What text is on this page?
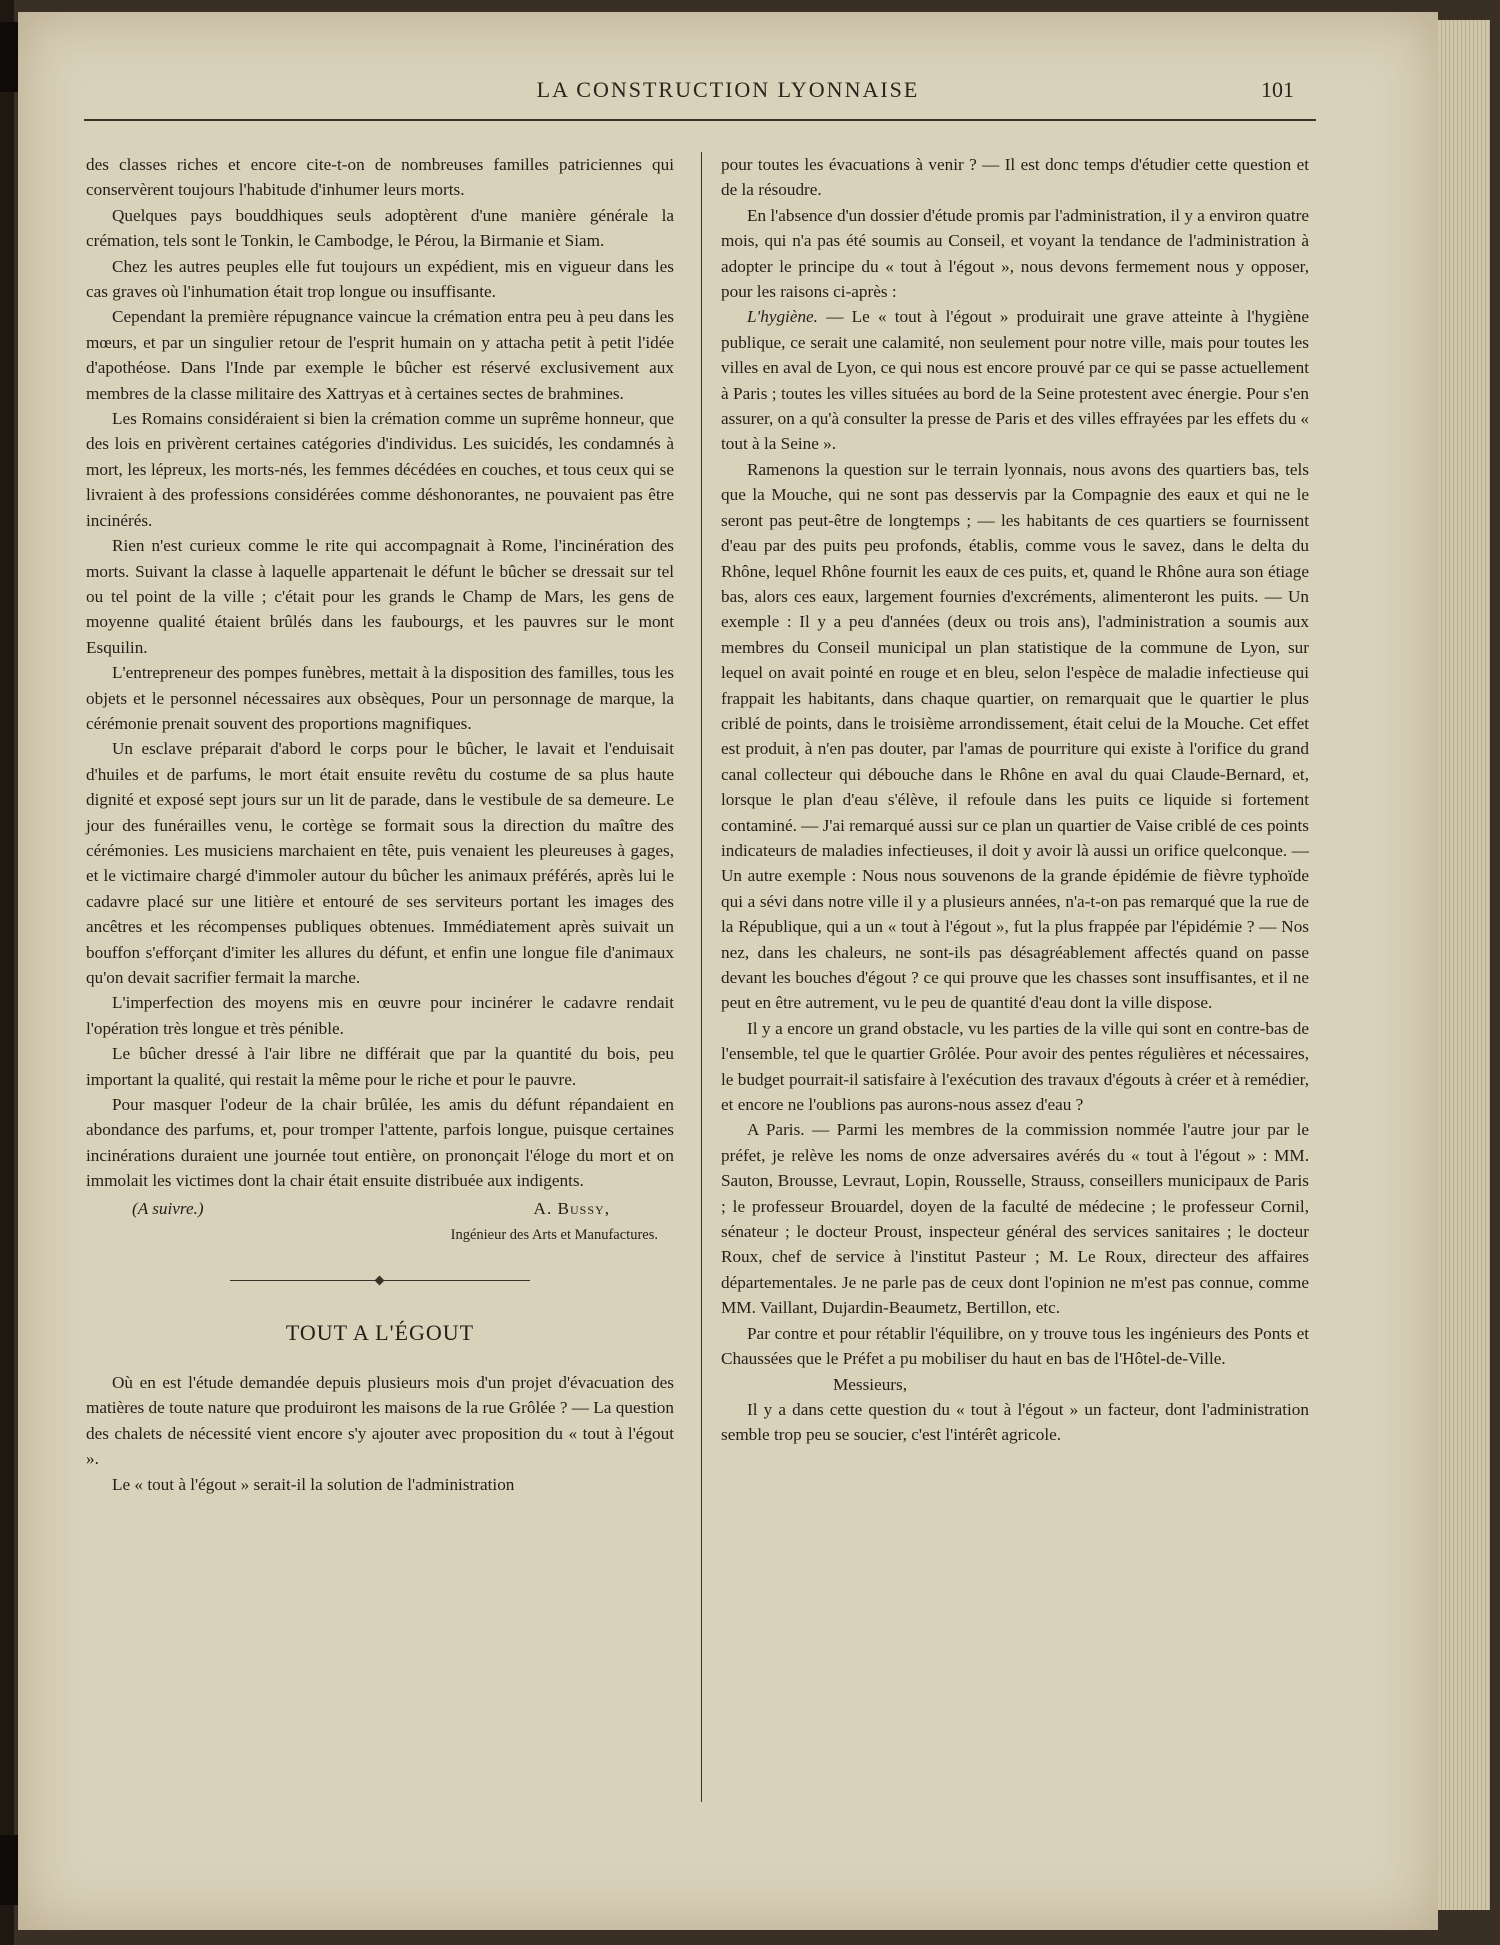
LA CONSTRUCTION LYONNAISE	101

des classes riches et encore cite-t-on de nombreuses familles patriciennes qui conservèrent toujours l'habitude d'inhumer leurs morts.

Quelques pays bouddhiques seuls adoptèrent d'une manière générale la crémation, tels sont le Tonkin, le Cambodge, le Pérou, la Birmanie et Siam.

Chez les autres peuples elle fut toujours un expédient, mis en vigueur dans les cas graves où l'inhumation était trop longue ou insuffisante.

Cependant la première répugnance vaincue la crémation entra peu à peu dans les mœurs, et par un singulier retour de l'esprit humain on y attacha petit à petit l'idée d'apothéose. Dans l'Inde par exemple le bûcher est réservé exclusivement aux membres de la classe militaire des Xattryas et à certaines sectes de brahmines.

Les Romains considéraient si bien la crémation comme un suprême honneur, que des lois en privèrent certaines catégories d'individus. Les suicidés, les condamnés à mort, les lépreux, les morts-nés, les femmes décédées en couches, et tous ceux qui se livraient à des professions considérées comme déshonorantes, ne pouvaient pas être incinérés.

Rien n'est curieux comme le rite qui accompagnait à Rome, l'incinération des morts. Suivant la classe à laquelle appartenait le défunt le bûcher se dressait sur tel ou tel point de la ville ; c'était pour les grands le Champ de Mars, les gens de moyenne qualité étaient brûlés dans les faubourgs, et les pauvres sur le mont Esquilin.

L'entrepreneur des pompes funèbres, mettait à la disposition des familles, tous les objets et le personnel nécessaires aux obsèques, Pour un personnage de marque, la cérémonie prenait souvent des proportions magnifiques.

Un esclave préparait d'abord le corps pour le bûcher, le lavait et l'enduisait d'huiles et de parfums, le mort était ensuite revêtu du costume de sa plus haute dignité et exposé sept jours sur un lit de parade, dans le vestibule de sa demeure. Le jour des funérailles venu, le cortège se formait sous la direction du maître des cérémonies. Les musiciens marchaient en tête, puis venaient les pleureuses à gages, et le victimaire chargé d'immoler autour du bûcher les animaux préférés, après lui le cadavre placé sur une litière et entouré de ses serviteurs portant les images des ancêtres et les récompenses publiques obtenues. Immédiatement après suivait un bouffon s'efforçant d'imiter les allures du défunt, et enfin une longue file d'animaux qu'on devait sacrifier fermait la marche.

L'imperfection des moyens mis en œuvre pour incinérer le cadavre rendait l'opération très longue et très pénible.

Le bûcher dressé à l'air libre ne différait que par la quantité du bois, peu important la qualité, qui restait la même pour le riche et pour le pauvre.

Pour masquer l'odeur de la chair brûlée, les amis du défunt répandaient en abondance des parfums, et, pour tromper l'attente, parfois longue, puisque certaines incinérations duraient une journée tout entière, on prononçait l'éloge du mort et on immolait les victimes dont la chair était ensuite distribuée aux indigents.

(A suivre.)	A. Bussy,
Ingénieur des Arts et Manufactures.
TOUT A L'ÉGOUT

Où en est l'étude demandée depuis plusieurs mois d'un projet d'évacuation des matières de toute nature que produiront les maisons de la rue Grôlée ? — La question des chalets de nécessité vient encore s'y ajouter avec proposition du « tout à l'égout ».

Le « tout à l'égout » serait-il la solution de l'administration

pour toutes les évacuations à venir ? — Il est donc temps d'étudier cette question et de la résoudre.

En l'absence d'un dossier d'étude promis par l'administration, il y a environ quatre mois, qui n'a pas été soumis au Conseil, et voyant la tendance de l'administration à adopter le principe du « tout à l'égout », nous devons fermement nous y opposer, pour les raisons ci-après :

L'hygiène. — Le « tout à l'égout » produirait une grave atteinte à l'hygiène publique, ce serait une calamité, non seulement pour notre ville, mais pour toutes les villes en aval de Lyon, ce qui nous est encore prouvé par ce qui se passe actuellement à Paris ; toutes les villes situées au bord de la Seine protestent avec énergie. Pour s'en assurer, on a qu'à consulter la presse de Paris et des villes effrayées par les effets du « tout à la Seine ».

Ramenons la question sur le terrain lyonnais, nous avons des quartiers bas, tels que la Mouche, qui ne sont pas desservis par la Compagnie des eaux et qui ne le seront pas peut-être de longtemps ; — les habitants de ces quartiers se fournissent d'eau par des puits peu profonds, établis, comme vous le savez, dans le delta du Rhône, lequel Rhône fournit les eaux de ces puits, et, quand le Rhône aura son étiage bas, alors ces eaux, largement fournies d'excréments, alimenteront les puits. — Un exemple : Il y a peu d'années (deux ou trois ans), l'administration a soumis aux membres du Conseil municipal un plan statistique de la commune de Lyon, sur lequel on avait pointé en rouge et en bleu, selon l'espèce de maladie infectieuse qui frappait les habitants, dans chaque quartier, on remarquait que le quartier le plus criblé de points, dans le troisième arrondissement, était celui de la Mouche. Cet effet est produit, à n'en pas douter, par l'amas de pourriture qui existe à l'orifice du grand canal collecteur qui débouche dans le Rhône en aval du quai Claude-Bernard, et, lorsque le plan d'eau s'élève, il refoule dans les puits ce liquide si fortement contaminé. — J'ai remarqué aussi sur ce plan un quartier de Vaise criblé de ces points indicateurs de maladies infectieuses, il doit y avoir là aussi un orifice quelconque. — Un autre exemple : Nous nous souvenons de la grande épidémie de fièvre typhoïde qui a sévi dans notre ville il y a plusieurs années, n'a-t-on pas remarqué que la rue de la République, qui a un « tout à l'égout », fut la plus frappée par l'épidémie ? — Nos nez, dans les chaleurs, ne sont-ils pas désagréablement affectés quand on passe devant les bouches d'égout ? ce qui prouve que les chasses sont insuffisantes, et il ne peut en être autrement, vu le peu de quantité d'eau dont la ville dispose.

Il y a encore un grand obstacle, vu les parties de la ville qui sont en contre-bas de l'ensemble, tel que le quartier Grôlée. Pour avoir des pentes régulières et nécessaires, le budget pourrait-il satisfaire à l'exécution des travaux d'égouts à créer et à remédier, et encore ne l'oublions pas aurons-nous assez d'eau ?

A Paris. — Parmi les membres de la commission nommée l'autre jour par le préfet, je relève les noms de onze adversaires avérés du « tout à l'égout » : MM. Sauton, Brousse, Levraut, Lopin, Rousselle, Strauss, conseillers municipaux de Paris ; le professeur Brouardel, doyen de la faculté de médecine ; le professeur Cornil, sénateur ; le docteur Proust, inspecteur général des services sanitaires ; le docteur Roux, chef de service à l'institut Pasteur ; M. Le Roux, directeur des affaires départementales. Je ne parle pas de ceux dont l'opinion ne m'est pas connue, comme MM. Vaillant, Dujardin-Beaumetz, Bertillon, etc.

Par contre et pour rétablir l'équilibre, on y trouve tous les ingénieurs des Ponts et Chaussées que le Préfet a pu mobiliser du haut en bas de l'Hôtel-de-Ville.

Messieurs,

Il y a dans cette question du « tout à l'égout » un facteur, dont l'administration semble trop peu se soucier, c'est l'intérêt agricole.
